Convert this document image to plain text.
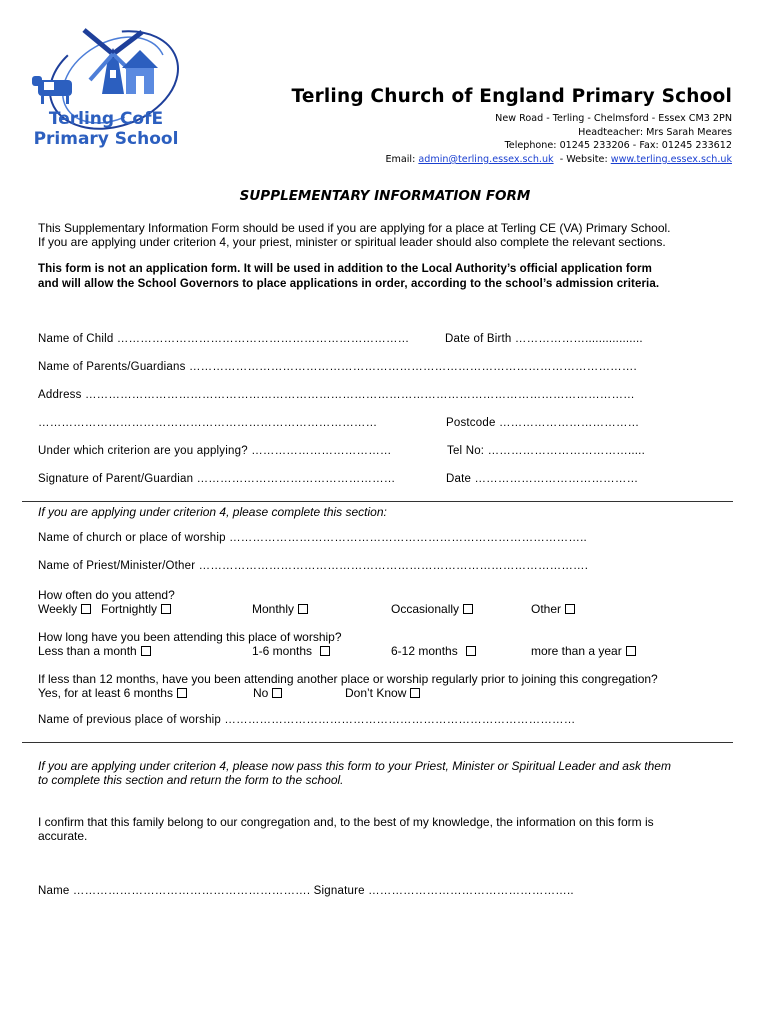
Terling CofE
Primary School
Terling Church of England Primary School
New Road - Terling - Chelmsford - Essex CM3 2PN
Headteacher: Mrs Sarah Meares
Telephone: 01245 233206 - Fax: 01245 233612
Email: admin@terling.essex.sch.uk  - Website: www.terling.essex.sch.uk
SUPPLEMENTARY INFORMATION FORM
This Supplementary Information Form should be used if you are applying for a place at Terling CE (VA) Primary School.
If you are applying under criterion 4, your priest, minister or spiritual leader should also complete the relevant sections.
This form is not an application form. It will be used in addition to the Local Authority’s official application form
and will allow the School Governors to place applications in order, according to the school’s admission criteria.
Name of Child …………………………………………………………………	Date of Birth ……………….................
Name of Parents/Guardians …………………………………………………………………………………………………….
Address ……………………………………………………………………………………………………………………………
……………………………………………………………………………	Postcode ………………………………
Under which criterion are you applying? ………………………………	Tel No: ……………………………….....
Signature of Parent/Guardian ……………………………………………	Date ……………………………………
If you are applying under criterion 4, please complete this section:
Name of church or place of worship ………………………………………………………………………………..
Name of Priest/Minister/Other ……………………………………………………………………………………….
How often do you attend?
Weekly	Fortnightly	Monthly	Occasionally	Other
How long have you been attending this place of worship?
Less than a month	1-6 months	6-12 months	more than a year
If less than 12 months, have you been attending another place or worship regularly prior to joining this congregation?
Yes, for at least 6 months	No	Don’t Know
Name of previous place of worship ………………………………………………………………………………
If you are applying under criterion 4, please now pass this form to your Priest, Minister or Spiritual Leader and ask them
to complete this section and return the form to the school.
I confirm that this family belong to our congregation and, to the best of my knowledge, the information on this form is
accurate.
Name ……………………………………………………. Signature ……………………………………………..
